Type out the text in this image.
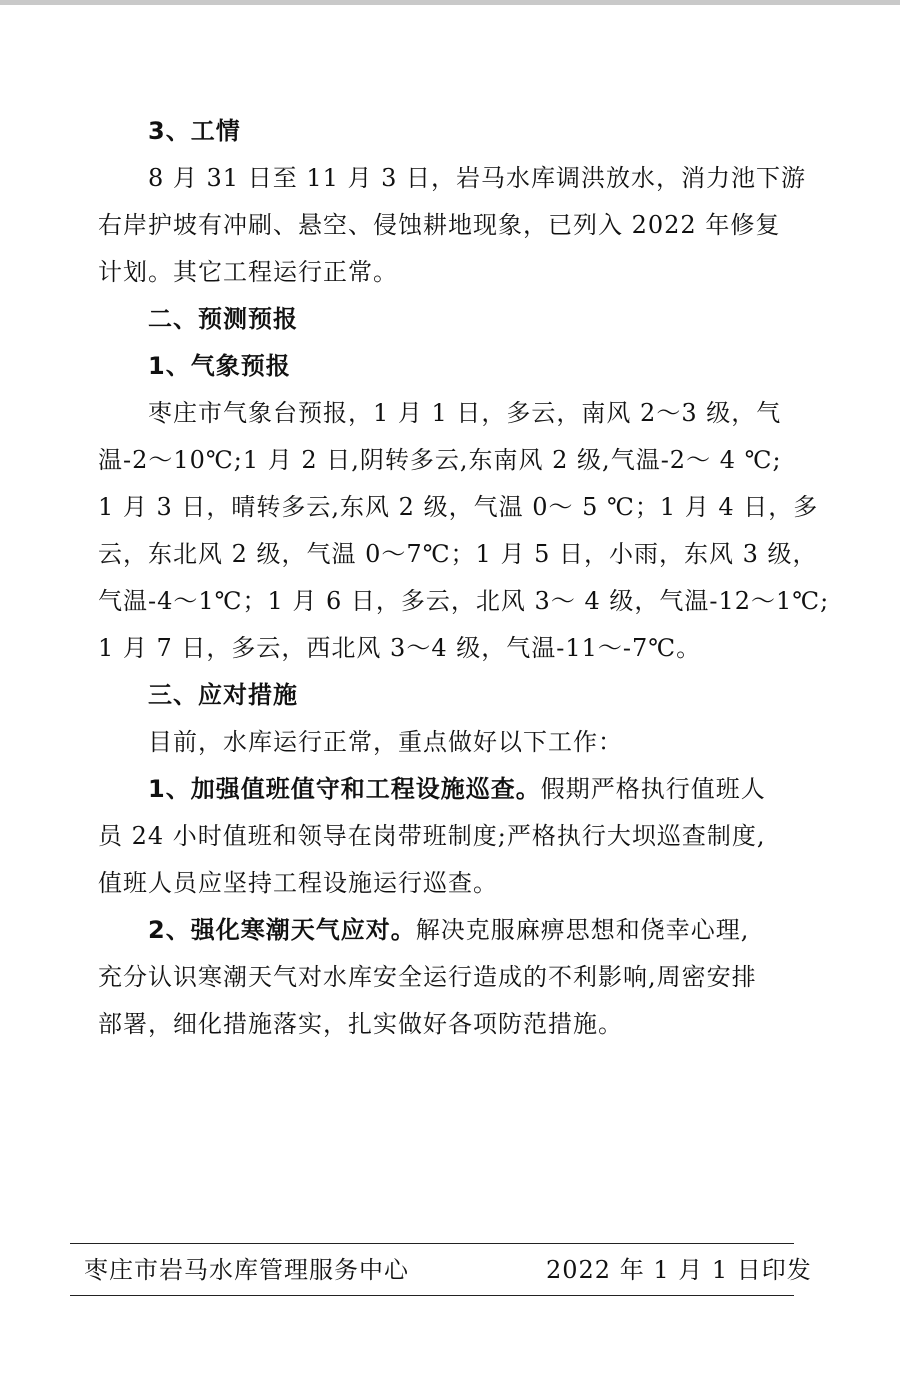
3、工情
8 月 31 日至 11 月 3 日，岩马水库调洪放水，消力池下游
右岸护坡有冲刷、悬空、侵蚀耕地现象，已列入 2022 年修复
计划。其它工程运行正常。
二、预测预报
1、气象预报
枣庄市气象台预报，1 月 1 日，多云，南风 2～3 级，气
温-2～10℃;1 月 2 日,阴转多云,东南风 2 级,气温-2～ 4 ℃;
1 月 3 日，晴转多云,东风 2 级，气温 0～ 5 ℃；1 月 4 日，多
云，东北风 2 级，气温 0～7℃；1 月 5 日，小雨，东风 3 级，
气温-4～1℃；1 月 6 日，多云，北风 3～ 4 级，气温-12～1℃;
1 月 7 日，多云，西北风 3～4 级，气温-11～-7℃。
三、应对措施
目前，水库运行正常，重点做好以下工作：
1、加强值班值守和工程设施巡查。假期严格执行值班人
员 24 小时值班和领导在岗带班制度;严格执行大坝巡查制度,
值班人员应坚持工程设施运行巡查。
2、强化寒潮天气应对。解决克服麻痹思想和侥幸心理,
充分认识寒潮天气对水库安全运行造成的不利影响,周密安排
部署，细化措施落实，扎实做好各项防范措施。
枣庄市岩马水库管理服务中心	2022 年 1 月 1 日印发
